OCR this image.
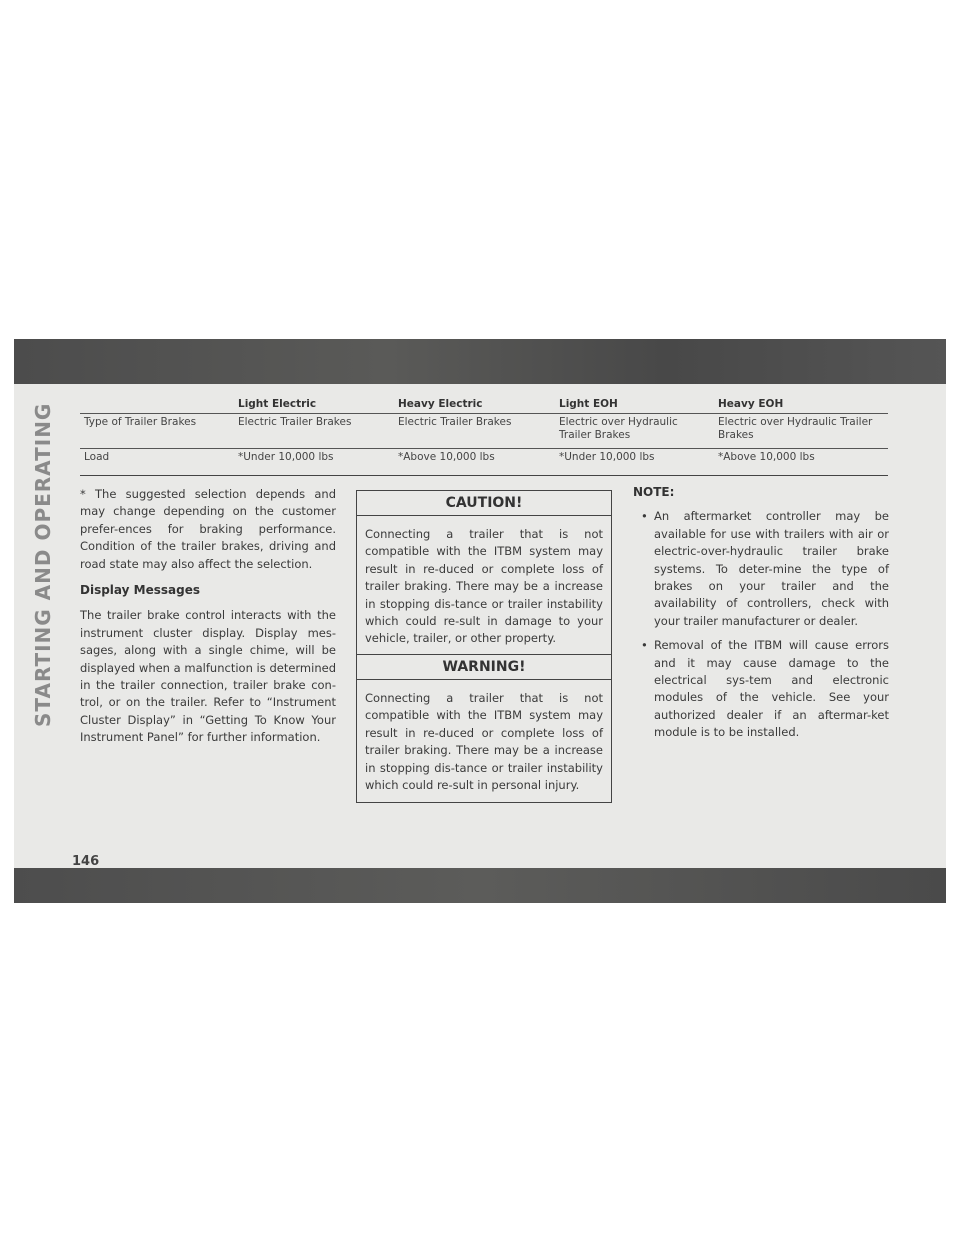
STARTING AND OPERATING
146
	Light Electric	Heavy Electric	Light EOH	Heavy EOH
Type of Trailer Brakes	Electric Trailer Brakes	Electric Trailer Brakes	Electric over Hydraulic Trailer Brakes	Electric over Hydraulic Trailer Brakes
Load	*Under 10,000 lbs	*Above 10,000 lbs	*Under 10,000 lbs	*Above 10,000 lbs

* The suggested selection depends and may change depending on the customer prefer-ences for braking performance. Condition of the trailer brakes, driving and road state may also affect the selection.

Display Messages

The trailer brake control interacts with the instrument cluster display. Display mes-sages, along with a single chime, will be displayed when a malfunction is determined in the trailer connection, trailer brake con-trol, or on the trailer. Refer to “Instrument Cluster Display” in “Getting To Know Your Instrument Panel” for further information.

CAUTION!
Connecting a trailer that is not compatible with the ITBM system may result in re-duced or complete loss of trailer braking. There may be a increase in stopping dis-tance or trailer instability which could re-sult in damage to your vehicle, trailer, or other property.
WARNING!
Connecting a trailer that is not compatible with the ITBM system may result in re-duced or complete loss of trailer braking. There may be a increase in stopping dis-tance or trailer instability which could re-sult in personal injury.
NOTE:
• An aftermarket controller may be available for use with trailers with air or electric-over-hydraulic trailer brake systems. To deter-mine the type of brakes on your trailer and the availability of controllers, check with your trailer manufacturer or dealer.
• Removal of the ITBM will cause errors and it may cause damage to the electrical sys-tem and electronic modules of the vehicle. See your authorized dealer if an aftermar-ket module is to be installed.
